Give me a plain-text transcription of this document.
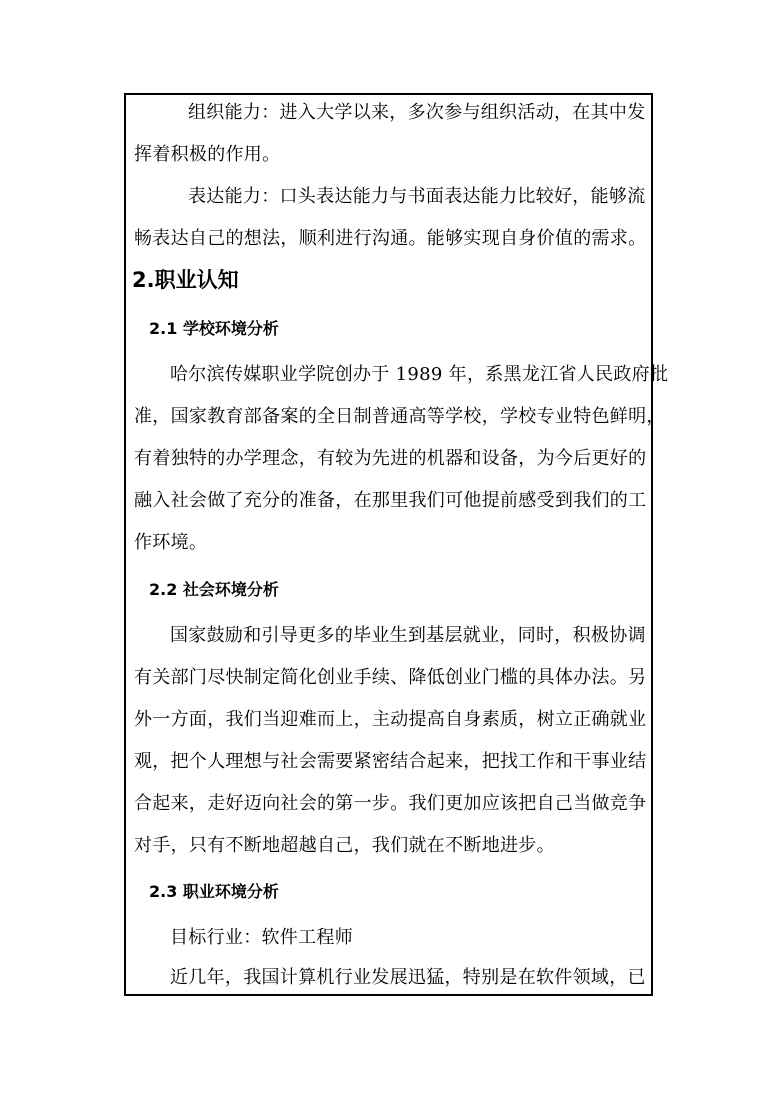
组织能力：进入大学以来，多次参与组织活动，在其中发
挥着积极的作用。
表达能力：口头表达能力与书面表达能力比较好，能够流
畅表达自己的想法，顺利进行沟通。能够实现自身价值的需求。
2.职业认知
2.1 学校环境分析
哈尔滨传媒职业学院创办于 1989 年，系黑龙江省人民政府批
准，国家教育部备案的全日制普通高等学校，学校专业特色鲜明，
有着独特的办学理念，有较为先进的机器和设备，为今后更好的
融入社会做了充分的准备，在那里我们可他提前感受到我们的工
作环境。
2.2 社会环境分析
国家鼓励和引导更多的毕业生到基层就业，同时，积极协调
有关部门尽快制定简化创业手续、降低创业门槛的具体办法。另
外一方面，我们当迎难而上，主动提高自身素质，树立正确就业
观，把个人理想与社会需要紧密结合起来，把找工作和干事业结
合起来，走好迈向社会的第一步。我们更加应该把自己当做竞争
对手，只有不断地超越自己，我们就在不断地进步。
2.3 职业环境分析
目标行业：软件工程师
近几年，我国计算机行业发展迅猛，特别是在软件领域，已
